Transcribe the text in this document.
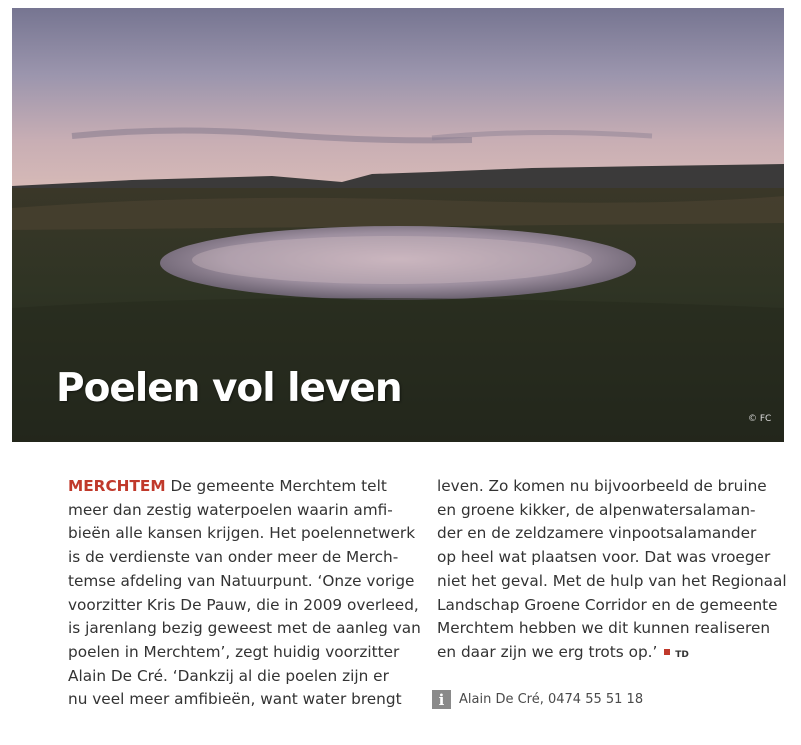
Poelen vol leven
© FC
MERCHTEM De gemeente Merchtem telt
meer dan zestig waterpoelen waarin amfi-
bieën alle kansen krijgen. Het poelennetwerk
is de verdienste van onder meer de Merch-
temse afdeling van Natuurpunt. ‘Onze vorige
voorzitter Kris De Pauw, die in 2009 overleed,
is jarenlang bezig geweest met de aanleg van
poelen in Merchtem’, zegt huidig voorzitter
Alain De Cré. ‘Dankzij al die poelen zijn er
nu veel meer amfibieën, want water brengt
leven. Zo komen nu bijvoorbeeld de bruine
en groene kikker, de alpenwatersalaman-
der en de zeldzamere vinpootsalamander
op heel wat plaatsen voor. Dat was vroeger
niet het geval. Met de hulp van het Regionaal
Landschap Groene Corridor en de gemeente
Merchtem hebben we dit kunnen realiseren
en daar zijn we erg trots op.’ TD
i	Alain De Cré, 0474 55 51 18
